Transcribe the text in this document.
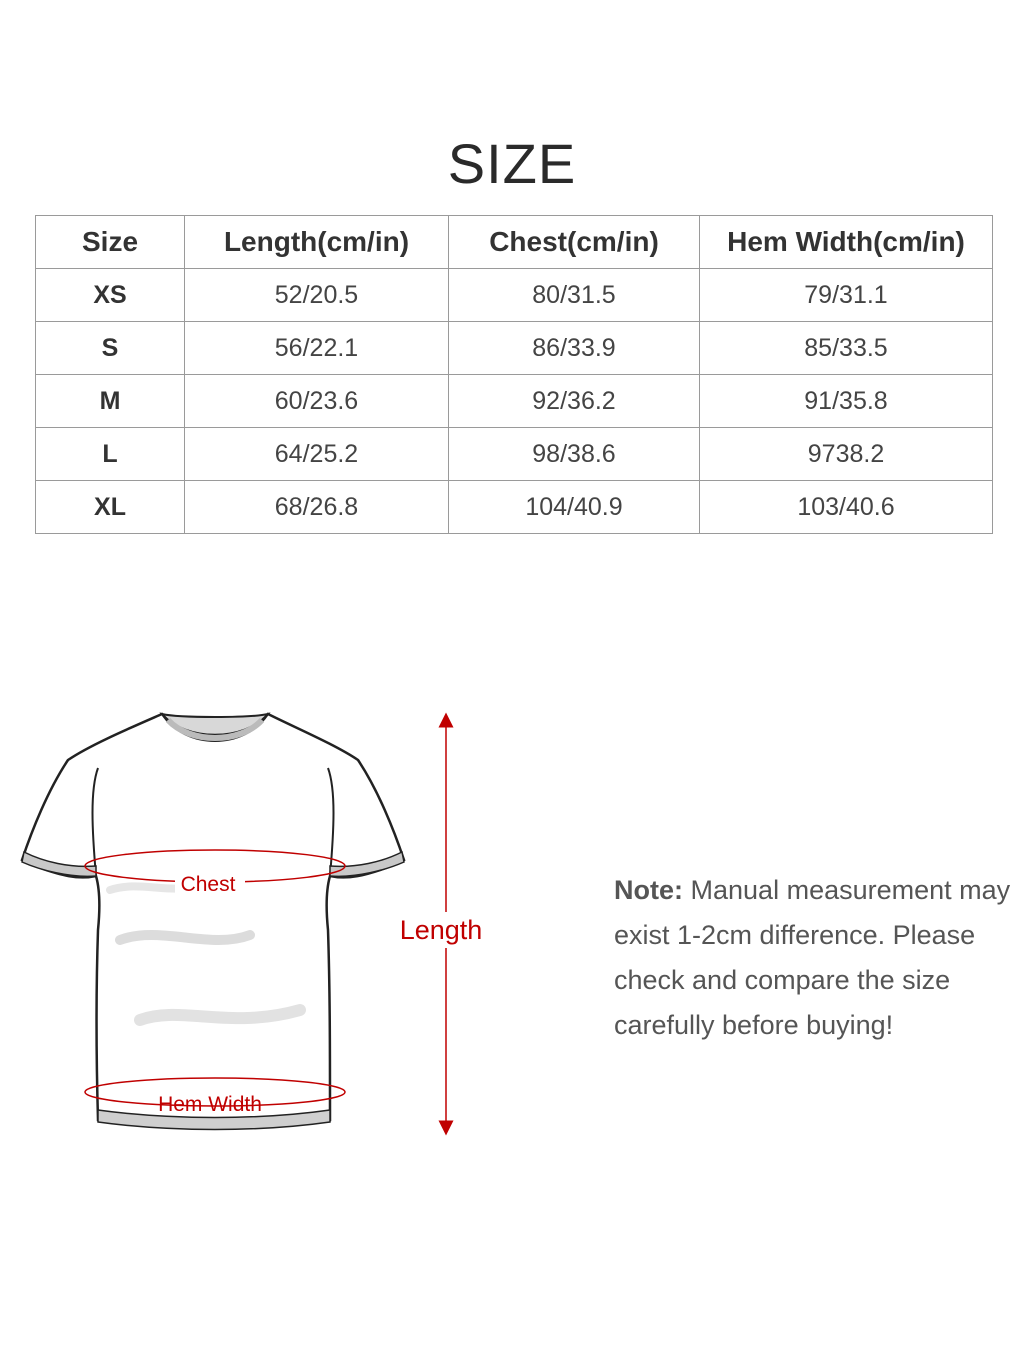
SIZE
Size	Length(cm/in)	Chest(cm/in)	Hem Width(cm/in)
XS	52/20.5	80/31.5	79/31.1
S	56/22.1	86/33.9	85/33.5
M	60/23.6	92/36.2	91/35.8
L	64/25.2	98/38.6	9738.2
XL	68/26.8	104/40.9	103/40.6
Chest
Hem Width
Length
Note: Manual measurement may exist 1-2cm difference. Please check and compare the size carefully before buying!
